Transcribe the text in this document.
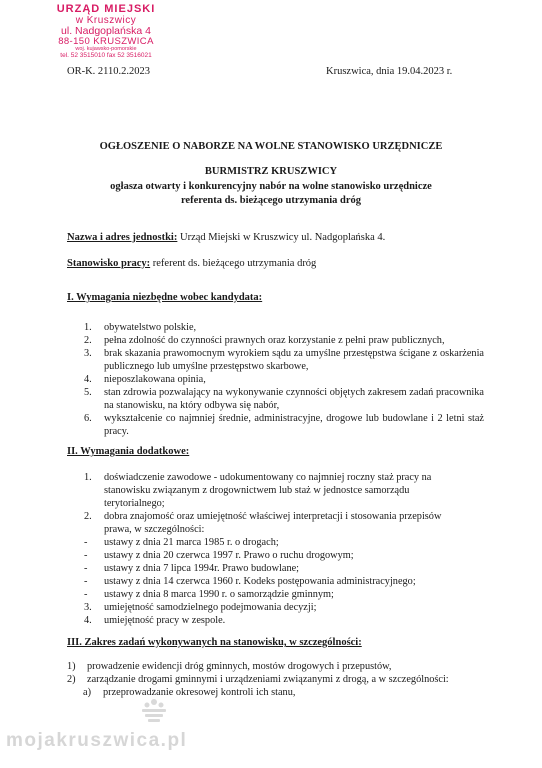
URZĄD MIEJSKI
w Kruszwicy
ul. Nadgoplańska 4
88-150 KRUSZWICA
woj. kujawsko-pomorskie
tel. 52 3515010 fax 52 3516021
OR-K. 2110.2.2023	Kruszwica, dnia 19.04.2023 r.
OGŁOSZENIE O NABORZE NA WOLNE STANOWISKO URZĘDNICZE
BURMISTRZ KRUSZWICY
ogłasza otwarty i konkurencyjny nabór na wolne stanowisko urzędnicze
referenta ds. bieżącego utrzymania dróg
Nazwa i adres jednostki: Urząd Miejski w Kruszwicy ul. Nadgoplańska 4.
Stanowisko pracy: referent ds. bieżącego utrzymania dróg
I. Wymagania niezbędne wobec kandydata:
1. obywatelstwo polskie,
2. pełna zdolność do czynności prawnych oraz korzystanie z pełni praw publicznych,
3. brak skazania prawomocnym wyrokiem sądu za umyślne przestępstwa ścigane z oskarżenia publicznego lub umyślne przestępstwo skarbowe,
4. nieposzlakowana opinia,
5. stan zdrowia pozwalający na wykonywanie czynności objętych zakresem zadań pracownika na stanowisku, na który odbywa się nabór,
6. wykształcenie co najmniej średnie, administracyjne, drogowe lub budowlane i 2 letni staż pracy.
II. Wymagania dodatkowe:
1. doświadczenie zawodowe - udokumentowany co najmniej roczny staż pracy na stanowisku związanym z drogownictwem lub staż w jednostce samorządu terytorialnego;
2. dobra znajomość oraz umiejętność właściwej interpretacji i stosowania przepisów prawa, w szczególności:
- ustawy z dnia 21 marca 1985 r. o drogach;
- ustawy z dnia 20 czerwca 1997 r. Prawo o ruchu drogowym;
- ustawy z dnia 7 lipca 1994r. Prawo budowlane;
- ustawy z dnia 14 czerwca 1960 r. Kodeks postępowania administracyjnego;
- ustawy z dnia 8 marca 1990 r. o samorządzie gminnym;
3. umiejętność samodzielnego podejmowania decyzji;
4. umiejętność pracy w zespole.
III. Zakres zadań wykonywanych na stanowisku, w szczególności:
1) prowadzenie ewidencji dróg gminnych, mostów drogowych i przepustów,
2) zarządzanie drogami gminnymi i urządzeniami związanymi z drogą, a w szczególności:
a) przeprowadzanie okresowej kontroli ich stanu,
mojakruszwica.pl
